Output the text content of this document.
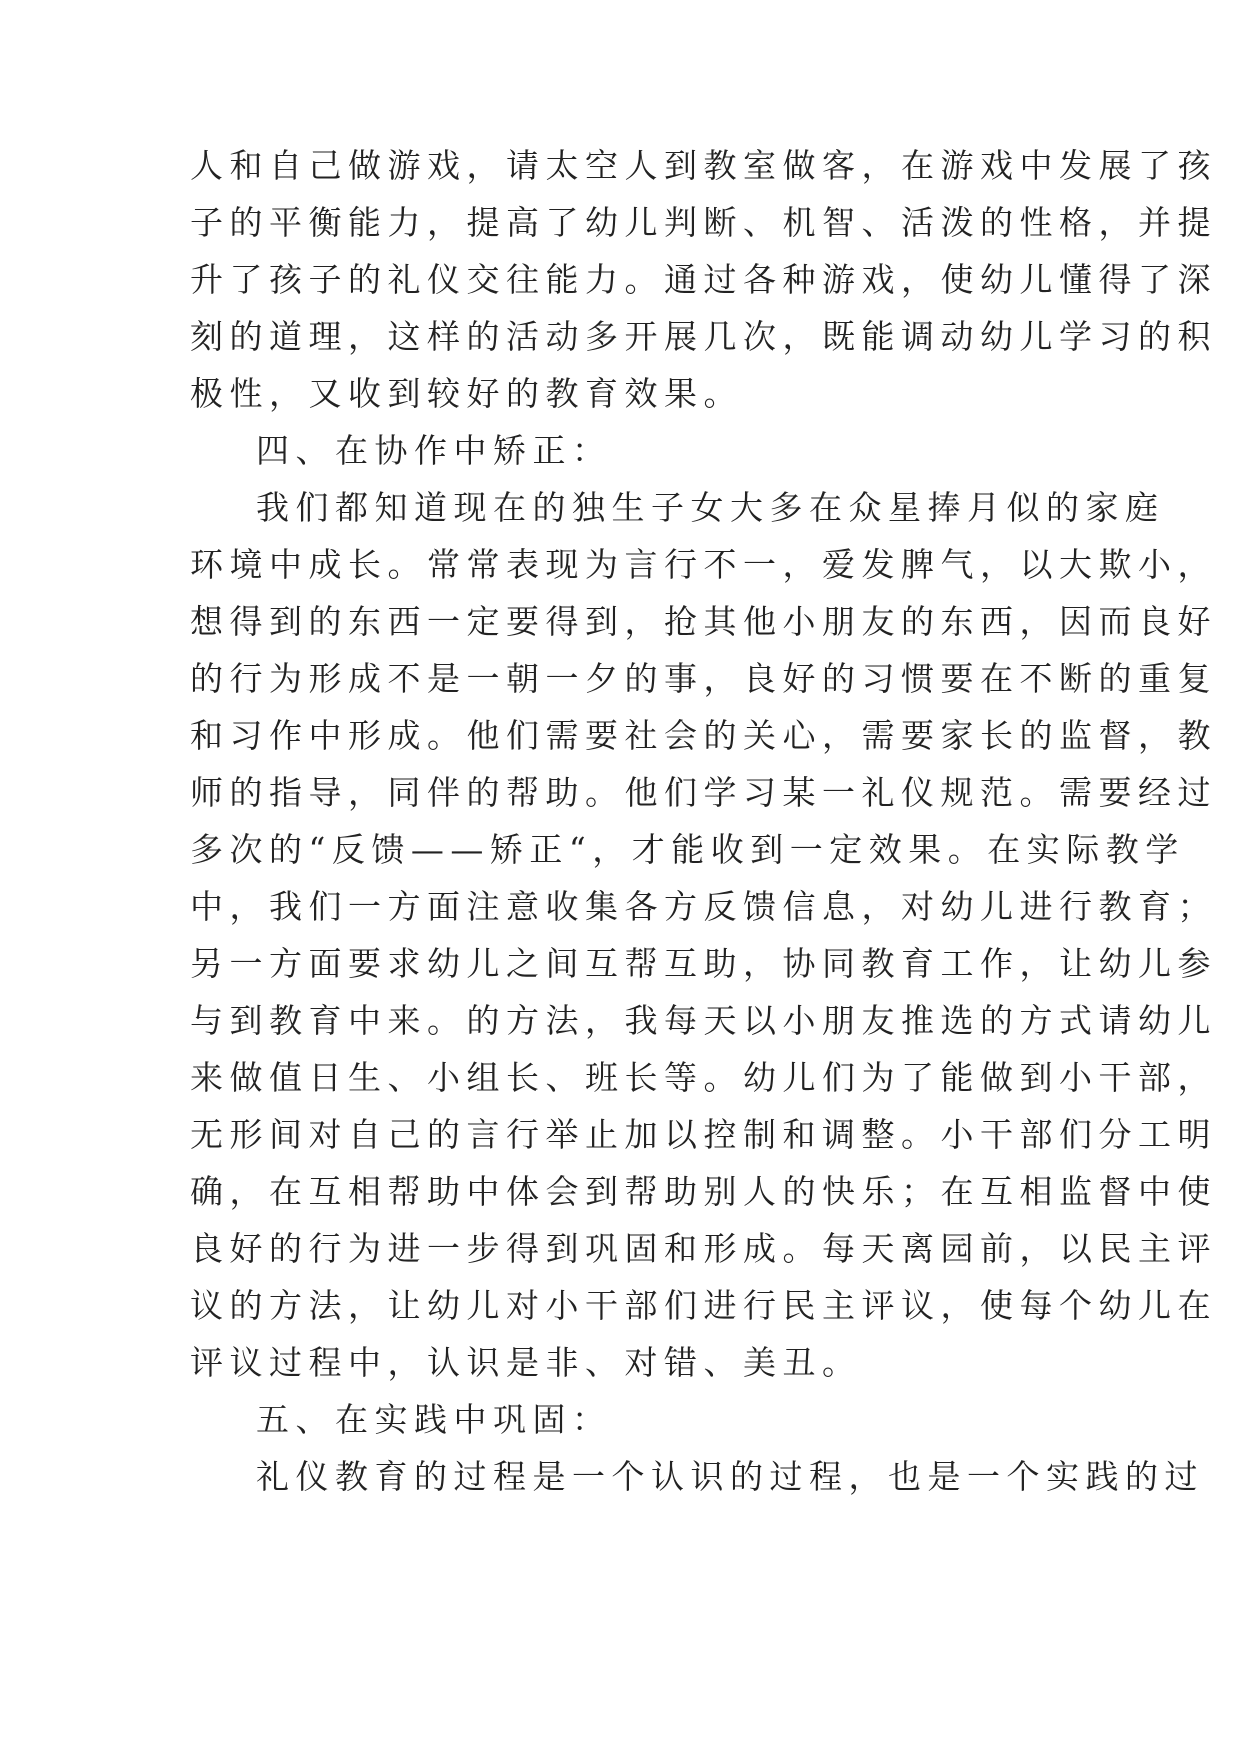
人和自己做游戏，请太空人到教室做客，在游戏中发展了孩
子的平衡能力，提高了幼儿判断、机智、活泼的性格，并提
升了孩子的礼仪交往能力。通过各种游戏，使幼儿懂得了深
刻的道理，这样的活动多开展几次，既能调动幼儿学习的积
极性，又收到较好的教育效果。
四、在协作中矫正：
我们都知道现在的独生子女大多在众星捧月似的家庭
环境中成长。常常表现为言行不一，爱发脾气，以大欺小，
想得到的东西一定要得到，抢其他小朋友的东西，因而良好
的行为形成不是一朝一夕的事，良好的习惯要在不断的重复
和习作中形成。他们需要社会的关心，需要家长的监督，教
师的指导，同伴的帮助。他们学习某一礼仪规范。需要经过
多次的“反馈——矫正“，才能收到一定效果。在实际教学
中，我们一方面注意收集各方反馈信息，对幼儿进行教育；
另一方面要求幼儿之间互帮互助，协同教育工作，让幼儿参
与到教育中来。的方法，我每天以小朋友推选的方式请幼儿
来做值日生、小组长、班长等。幼儿们为了能做到小干部，
无形间对自己的言行举止加以控制和调整。小干部们分工明
确，在互相帮助中体会到帮助别人的快乐；在互相监督中使
良好的行为进一步得到巩固和形成。每天离园前，以民主评
议的方法，让幼儿对小干部们进行民主评议，使每个幼儿在
评议过程中，认识是非、对错、美丑。
五、在实践中巩固：
礼仪教育的过程是一个认识的过程，也是一个实践的过
